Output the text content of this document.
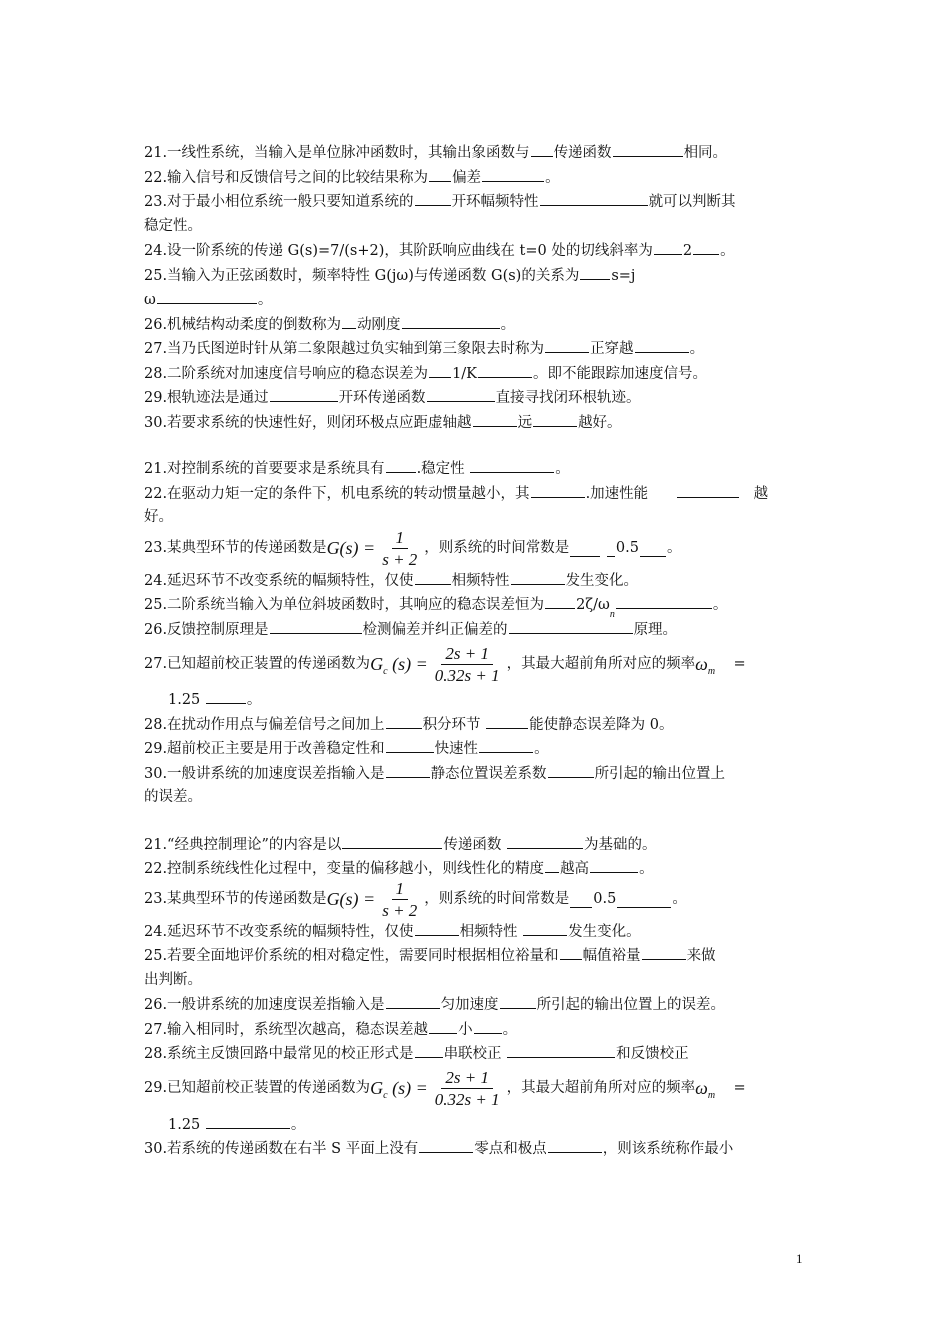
21.一线性系统，当输入是单位脉冲函数时，其输出象函数与 传递函数	相同。
22.输入信号和反馈信号之间的比较结果称为 偏差	。
23.对于最小相位系统一般只要知道系统的	开环幅频特性	就可以判断其
稳定性。
24.设一阶系统的传递 G(s)=7/(s+2)，其阶跃响应曲线在 t=0 处的切线斜率为 2 。
25.当输入为正弦函数时，频率特性 G(jω)与传递函数 G(s)的关系为 s=j
ω	。
26.机械结构动柔度的倒数称为 动刚度	。
27.当乃氏图逆时针从第二象限越过负实轴到第三象限去时称为	正穿越	。
28.二阶系统对加速度信号响应的稳态误差为 1/K	。即不能跟踪加速度信号。
29.根轨迹法是通过	开环传递函数	直接寻找闭环根轨迹。
30.若要求系统的快速性好，则闭环极点应距虚轴越	远	越好。
21.对控制系统的首要要求是系统具有 .稳定性	。
22.在驱动力矩一定的条件下，机电系统的转动惯量越小，其	.加速性能	越
好。
23.某典型环节的传递函数是 $G(s) = \frac{1}{s + 2}$ ，则系统的时间常数是
	0.5 。
24.延迟环节不改变系统的幅频特性，仅使	相频特性	发生变化。
25.二阶系统当输入为单位斜坡函数时，其响应的稳态误差恒为 $2\zeta/\omega_n$。
26.反馈控制原理是	检测偏差并纠正偏差的	原理。
27.已知超前校正装置的传递函数为 G c
$(s) = \frac{2s + 1}{0.32s + 1}$ ，其最大超前角所对应的频率 ω m
=
1.25	。
28.在扰动作用点与偏差信号之间加上	积分环节	能使静态误差降为 0。
29.超前校正主要是用于改善稳定性和	快速性	。
30.一般讲系统的加速度误差指输入是	静态位置误差系数	所引起的输出位置上
的误差。
21.“经典控制理论”的内容是以	传递函数	为基础的。
22.控制系统线性化过程中，变量的偏移越小，则线性化的精度 越高	。
23.某典型环节的传递函数是 $G(s) = \frac{1}{s + 2}$ ，则系统的时间常数是 0.5	。
24.延迟环节不改变系统的幅频特性，仅使	相频特性	发生变化。
25.若要全面地评价系统的相对稳定性，需要同时根据相位裕量和 幅值裕量	来做
出判断。
26.一般讲系统的加速度误差指输入是	匀加速度	所引起的输出位置上的误差。
27.输入相同时，系统型次越高，稳态误差越 小 。
28.系统主反馈回路中最常见的校正形式是 串联校正	和反馈校正
29.已知超前校正装置的传递函数为 G c
$(s) = \frac{2s + 1}{0.32s + 1}$ ，其最大超前角所对应的频率 ω m
=
1.25	。
30.若系统的传递函数在右半 S 平面上没有	零点和极点	，则该系统称作最小
1
